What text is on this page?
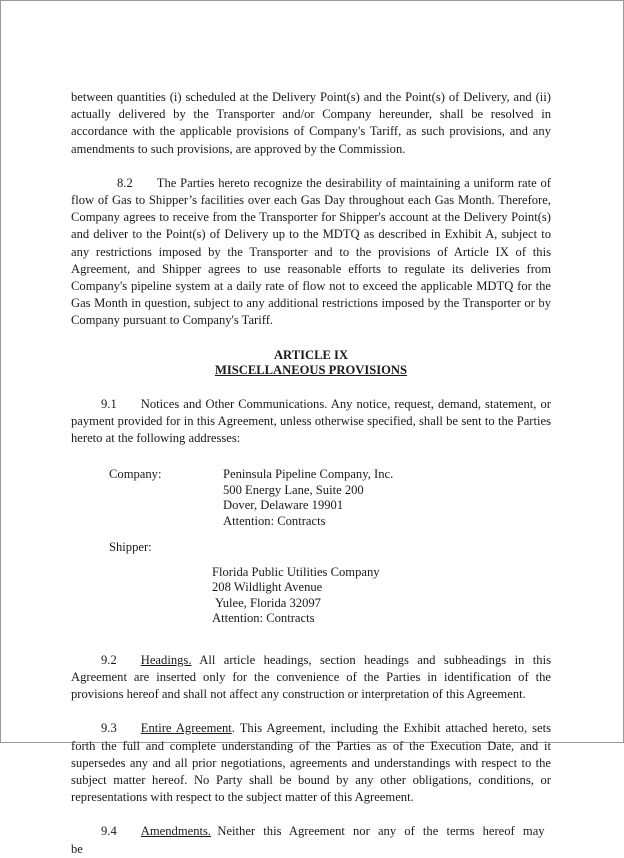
between quantities (i) scheduled at the Delivery Point(s) and the Point(s) of Delivery, and (ii) actually delivered by the Transporter and/or Company hereunder, shall be resolved in accordance with the applicable provisions of Company's Tariff, as such provisions, and any amendments to such provisions, are approved by the Commission.

8.2 The Parties hereto recognize the desirability of maintaining a uniform rate of flow of Gas to Shipper’s facilities over each Gas Day throughout each Gas Month. Therefore, Company agrees to receive from the Transporter for Shipper's account at the Delivery Point(s) and deliver to the Point(s) of Delivery up to the MDTQ as described in Exhibit A, subject to any restrictions imposed by the Transporter and to the provisions of Article IX of this Agreement, and Shipper agrees to use reasonable efforts to regulate its deliveries from Company's pipeline system at a daily rate of flow not to exceed the applicable MDTQ for the Gas Month in question, subject to any additional restrictions imposed by the Transporter or by Company pursuant to Company's Tariff.

ARTICLE IX
MISCELLANEOUS PROVISIONS

9.1 Notices and Other Communications. Any notice, request, demand, statement, or payment provided for in this Agreement, unless otherwise specified, shall be sent to the Parties hereto at the following addresses:

Company:	Peninsula Pipeline Company, Inc.
500 Energy Lane, Suite 200
Dover, Delaware 19901
Attention: Contracts
Shipper:
Florida Public Utilities Company
208 Wildlight Avenue
Yulee, Florida 32097
Attention: Contracts

9.2 Headings. All article headings, section headings and subheadings in this Agreement are inserted only for the convenience of the Parties in identification of the provisions hereof and shall not affect any construction or interpretation of this Agreement.

9.3 Entire Agreement. This Agreement, including the Exhibit attached hereto, sets forth the full and complete understanding of the Parties as of the Execution Date, and it supersedes any and all prior negotiations, agreements and understandings with respect to the subject matter hereof. No Party shall be bound by any other obligations, conditions, or representations with respect to the subject matter of this Agreement.

9.4 Amendments. Neither this Agreement nor any of the terms hereof may be
